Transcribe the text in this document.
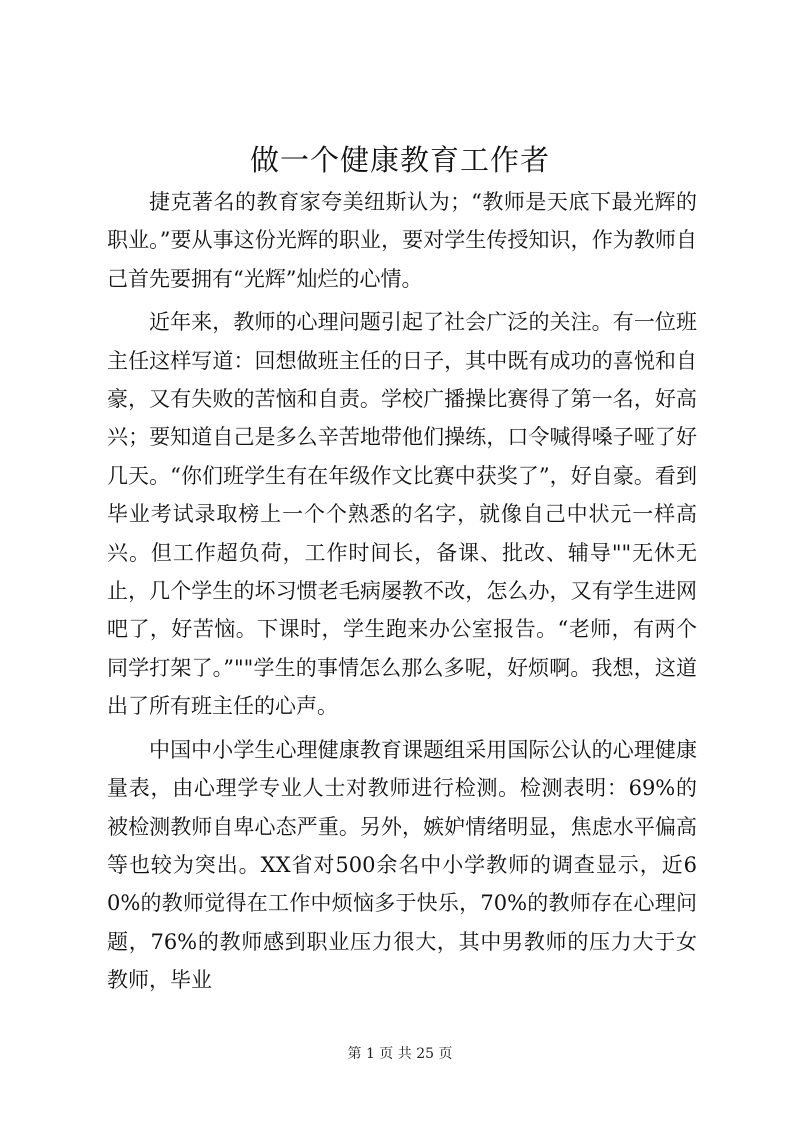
做一个健康教育工作者

捷克著名的教育家夸美纽斯认为；“教师是天底下最光辉的职业。”要从事这份光辉的职业，要对学生传授知识，作为教师自己首先要拥有“光辉”灿烂的心情。

近年来，教师的心理问题引起了社会广泛的关注。有一位班主任这样写道：回想做班主任的日子，其中既有成功的喜悦和自豪，又有失败的苦恼和自责。学校广播操比赛得了第一名，好高兴；要知道自己是多么辛苦地带他们操练，口令喊得嗓子哑了好几天。“你们班学生有在年级作文比赛中获奖了”，好自豪。看到毕业考试录取榜上一个个熟悉的名字，就像自己中状元一样高兴。但工作超负荷，工作时间长，备课、批改、辅导""无休无止，几个学生的坏习惯老毛病屡教不改，怎么办，又有学生进网吧了，好苦恼。下课时，学生跑来办公室报告。“老师，有两个同学打架了。”""学生的事情怎么那么多呢，好烦啊。我想，这道出了所有班主任的心声。

中国中小学生心理健康教育课题组采用国际公认的心理健康量表，由心理学专业人士对教师进行检测。检测表明：69%的被检测教师自卑心态严重。另外，嫉妒情绪明显，焦虑水平偏高等也较为突出。XX省对500余名中小学教师的调查显示，近60%的教师觉得在工作中烦恼多于快乐，70%的教师存在心理问题，76%的教师感到职业压力很大，其中男教师的压力大于女教师，毕业

第 1 页 共 25 页
